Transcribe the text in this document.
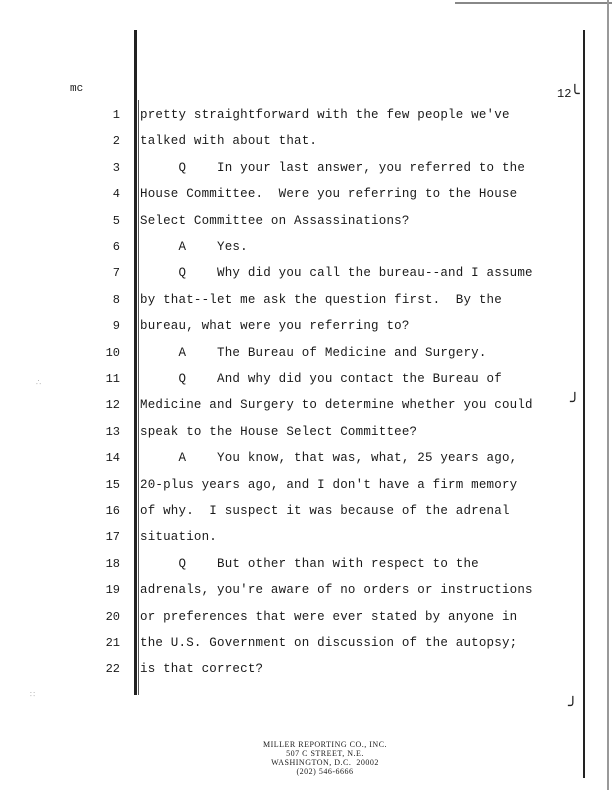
╰
╯
╯
∴
∷
mc	12
1 pretty straightforward with the few people we've
2 talked with about that.
3 Q    In your last answer, you referred to the
4 House Committee.  Were you referring to the House
5 Select Committee on Assassinations?
6 A    Yes.
7 Q    Why did you call the bureau--and I assume
8 by that--let me ask the question first.  By the
9 bureau, what were you referring to?
10 A    The Bureau of Medicine and Surgery.
11 Q    And why did you contact the Bureau of
12 Medicine and Surgery to determine whether you could
13 speak to the House Select Committee?
14 A    You know, that was, what, 25 years ago,
15 20-plus years ago, and I don't have a firm memory
16 of why.  I suspect it was because of the adrenal
17 situation.
18 Q    But other than with respect to the
19 adrenals, you're aware of no orders or instructions
20 or preferences that were ever stated by anyone in
21 the U.S. Government on discussion of the autopsy;
22 is that correct?
MILLER REPORTING CO., INC.
507 C STREET, N.E.
WASHINGTON, D.C.  20002
(202) 546-6666
